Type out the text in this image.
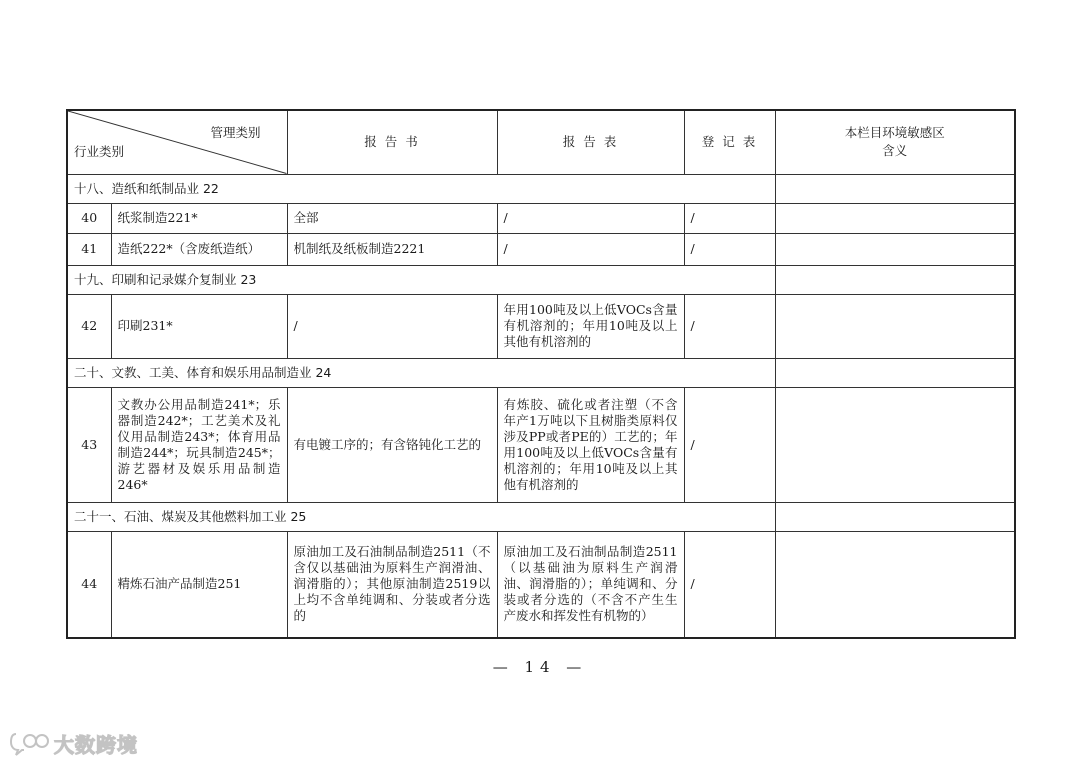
管理类别
行业类别		报 告 书	报 告 表	登 记 表	本栏目环境敏感区
含义
十八、造纸和纸制品业 22					
40	纸浆制造221*	全部	/	/	
41	造纸222*（含废纸造纸）	机制纸及纸板制造2221	/	/	
十九、印刷和记录媒介复制业 23					
42	印刷231*	/	年用100吨及以上低VOCs含量有机溶剂的；年用10吨及以上其他有机溶剂的	/	
二十、文教、工美、体育和娱乐用品制造业 24					
43	文教办公用品制造241*；乐器制造242*；工艺美术及礼仪用品制造243*；体育用品制造244*；玩具制造245*；游艺器材及娱乐用品制造246*	有电镀工序的；有含铬钝化工艺的	有炼胶、硫化或者注塑（不含年产1万吨以下且树脂类原料仅涉及PP或者PE的）工艺的；年用100吨及以上低VOCs含量有机溶剂的；年用10吨及以上其他有机溶剂的	/	
二十一、石油、煤炭及其他燃料加工业 25					
44	精炼石油产品制造251	原油加工及石油制品制造2511（不含仅以基础油为原料生产润滑油、润滑脂的）；其他原油制造2519以上均不含单纯调和、分装或者分选的	原油加工及石油制品制造2511（以基础油为原料生产润滑油、润滑脂的）；单纯调和、分装或者分选的（不含不产生生产废水和挥发性有机物的）	/	
— 14 —
大数跨境
